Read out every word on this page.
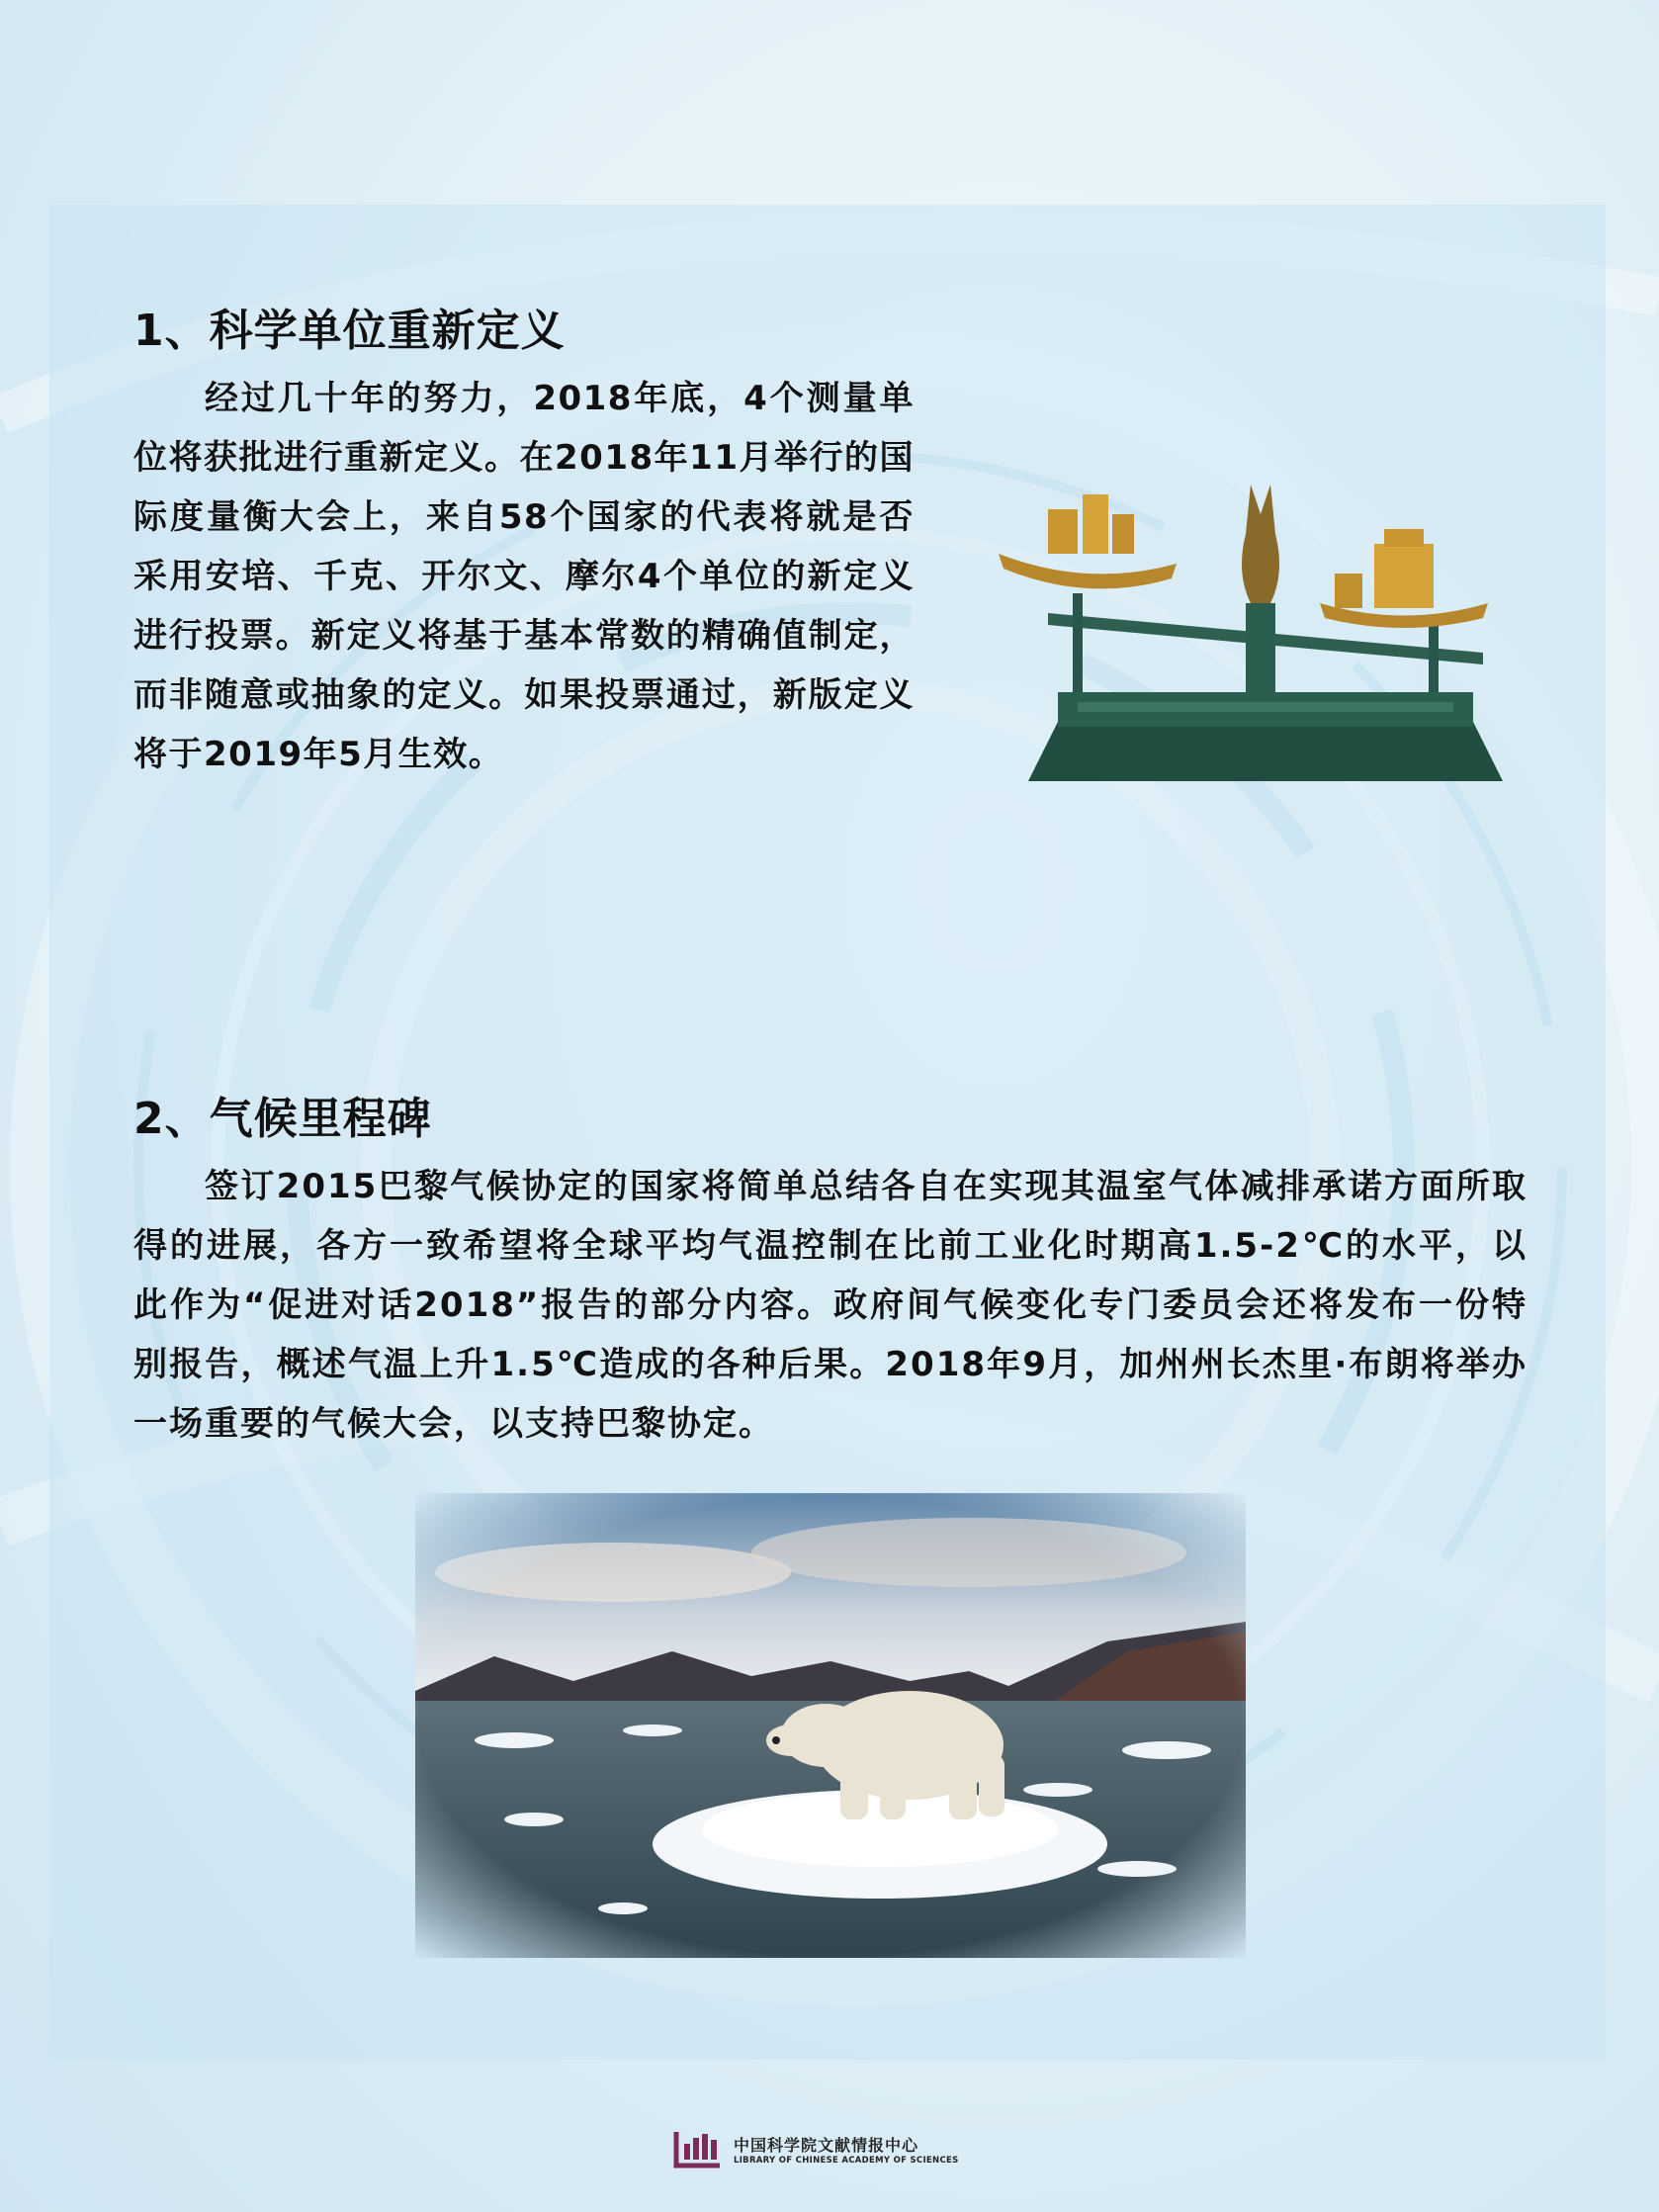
1、科学单位重新定义

经过几十年的努力，2018年底，4个测量单位将获批进行重新定义。在2018年11月举行的国际度量衡大会上，来自58个国家的代表将就是否采用安培、千克、开尔文、摩尔4个单位的新定义进行投票。新定义将基于基本常数的精确值制定，而非随意或抽象的定义。如果投票通过，新版定义将于2019年5月生效。

2、气候里程碑

签订2015巴黎气候协定的国家将简单总结各自在实现其温室气体减排承诺方面所取得的进展，各方一致希望将全球平均气温控制在比前工业化时期高1.5-2℃的水平，以此作为“促进对话2018”报告的部分内容。政府间气候变化专门委员会还将发布一份特别报告，概述气温上升1.5℃造成的各种后果。2018年9月，加州州长杰里·布朗将举办一场重要的气候大会，以支持巴黎协定。

中国科学院文献情报中心
LIBRARY OF CHINESE ACADEMY OF SCIENCES
